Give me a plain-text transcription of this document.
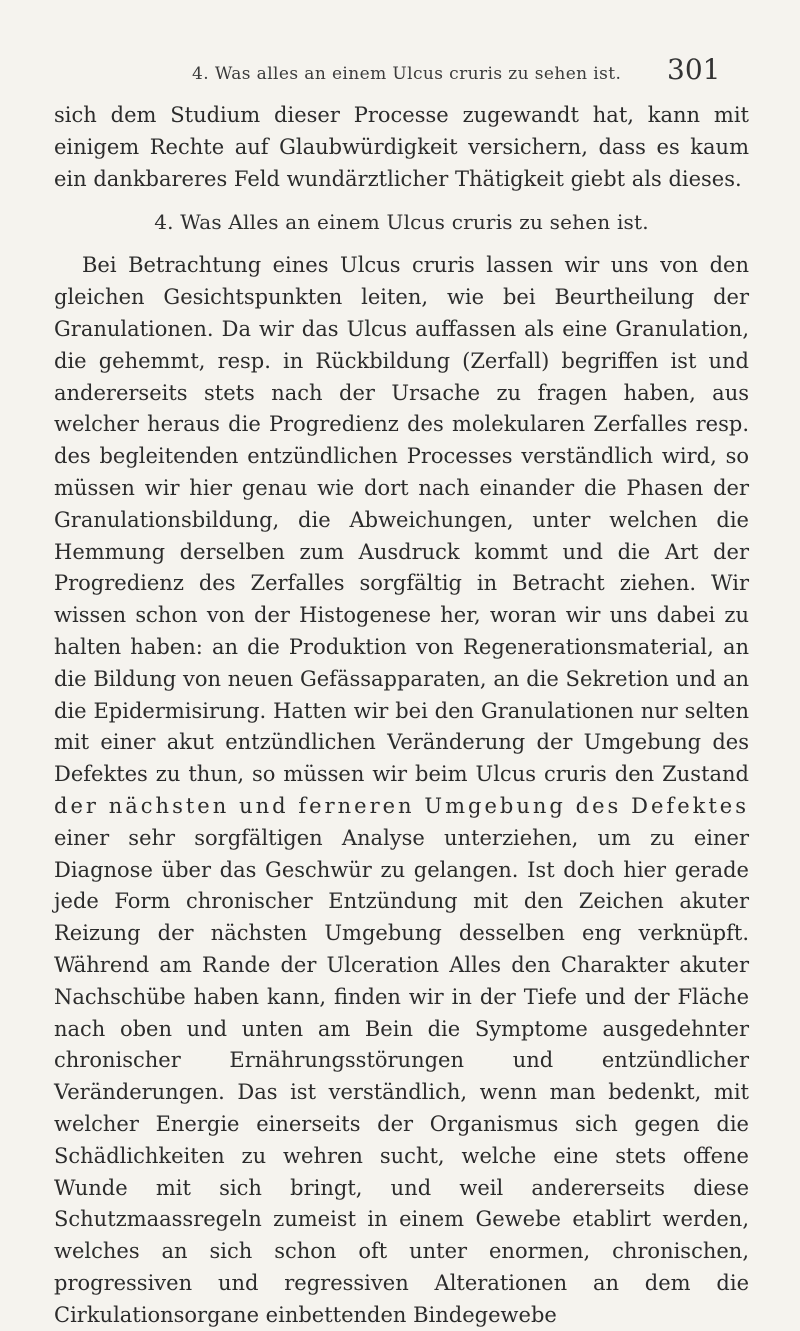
4. Was alles an einem Ulcus cruris zu sehen ist. 301

sich dem Studium dieser Processe zugewandt hat, kann mit einigem Rechte auf Glaubwürdigkeit versichern, dass es kaum ein dankbareres Feld wundärztlicher Thätigkeit giebt als dieses.

4. Was Alles an einem Ulcus cruris zu sehen ist.

Bei Betrachtung eines Ulcus cruris lassen wir uns von den gleichen Gesichtspunkten leiten, wie bei Beurtheilung der Granulationen. Da wir das Ulcus auffassen als eine Granulation, die gehemmt, resp. in Rückbildung (Zerfall) begriffen ist und andererseits stets nach der Ursache zu fragen haben, aus welcher heraus die Progredienz des molekularen Zerfalles resp. des begleitenden entzündlichen Processes verständlich wird, so müssen wir hier genau wie dort nach einander die Phasen der Granulationsbildung, die Abweichungen, unter welchen die Hemmung derselben zum Ausdruck kommt und die Art der Progredienz des Zerfalles sorgfältig in Betracht ziehen. Wir wissen schon von der Histogenese her, woran wir uns dabei zu halten haben: an die Produktion von Regenerationsmaterial, an die Bildung von neuen Gefässapparaten, an die Sekretion und an die Epidermisirung. Hatten wir bei den Granulationen nur selten mit einer akut entzündlichen Veränderung der Umgebung des Defektes zu thun, so müssen wir beim Ulcus cruris den Zustand der nächsten und ferneren Umgebung des Defektes einer sehr sorgfältigen Analyse unterziehen, um zu einer Diagnose über das Geschwür zu gelangen. Ist doch hier gerade jede Form chronischer Entzündung mit den Zeichen akuter Reizung der nächsten Umgebung desselben eng verknüpft. Während am Rande der Ulceration Alles den Charakter akuter Nachschübe haben kann, finden wir in der Tiefe und der Fläche nach oben und unten am Bein die Symptome ausgedehnter chronischer Ernährungsstörungen und entzündlicher Veränderungen. Das ist verständlich, wenn man bedenkt, mit welcher Energie einerseits der Organismus sich gegen die Schädlichkeiten zu wehren sucht, welche eine stets offene Wunde mit sich bringt, und weil andererseits diese Schutzmaassregeln zumeist in einem Gewebe etablirt werden, welches an sich schon oft unter enormen, chronischen, progressiven und regressiven Alterationen an dem die Cirkulationsorgane einbettenden Bindegewebe
